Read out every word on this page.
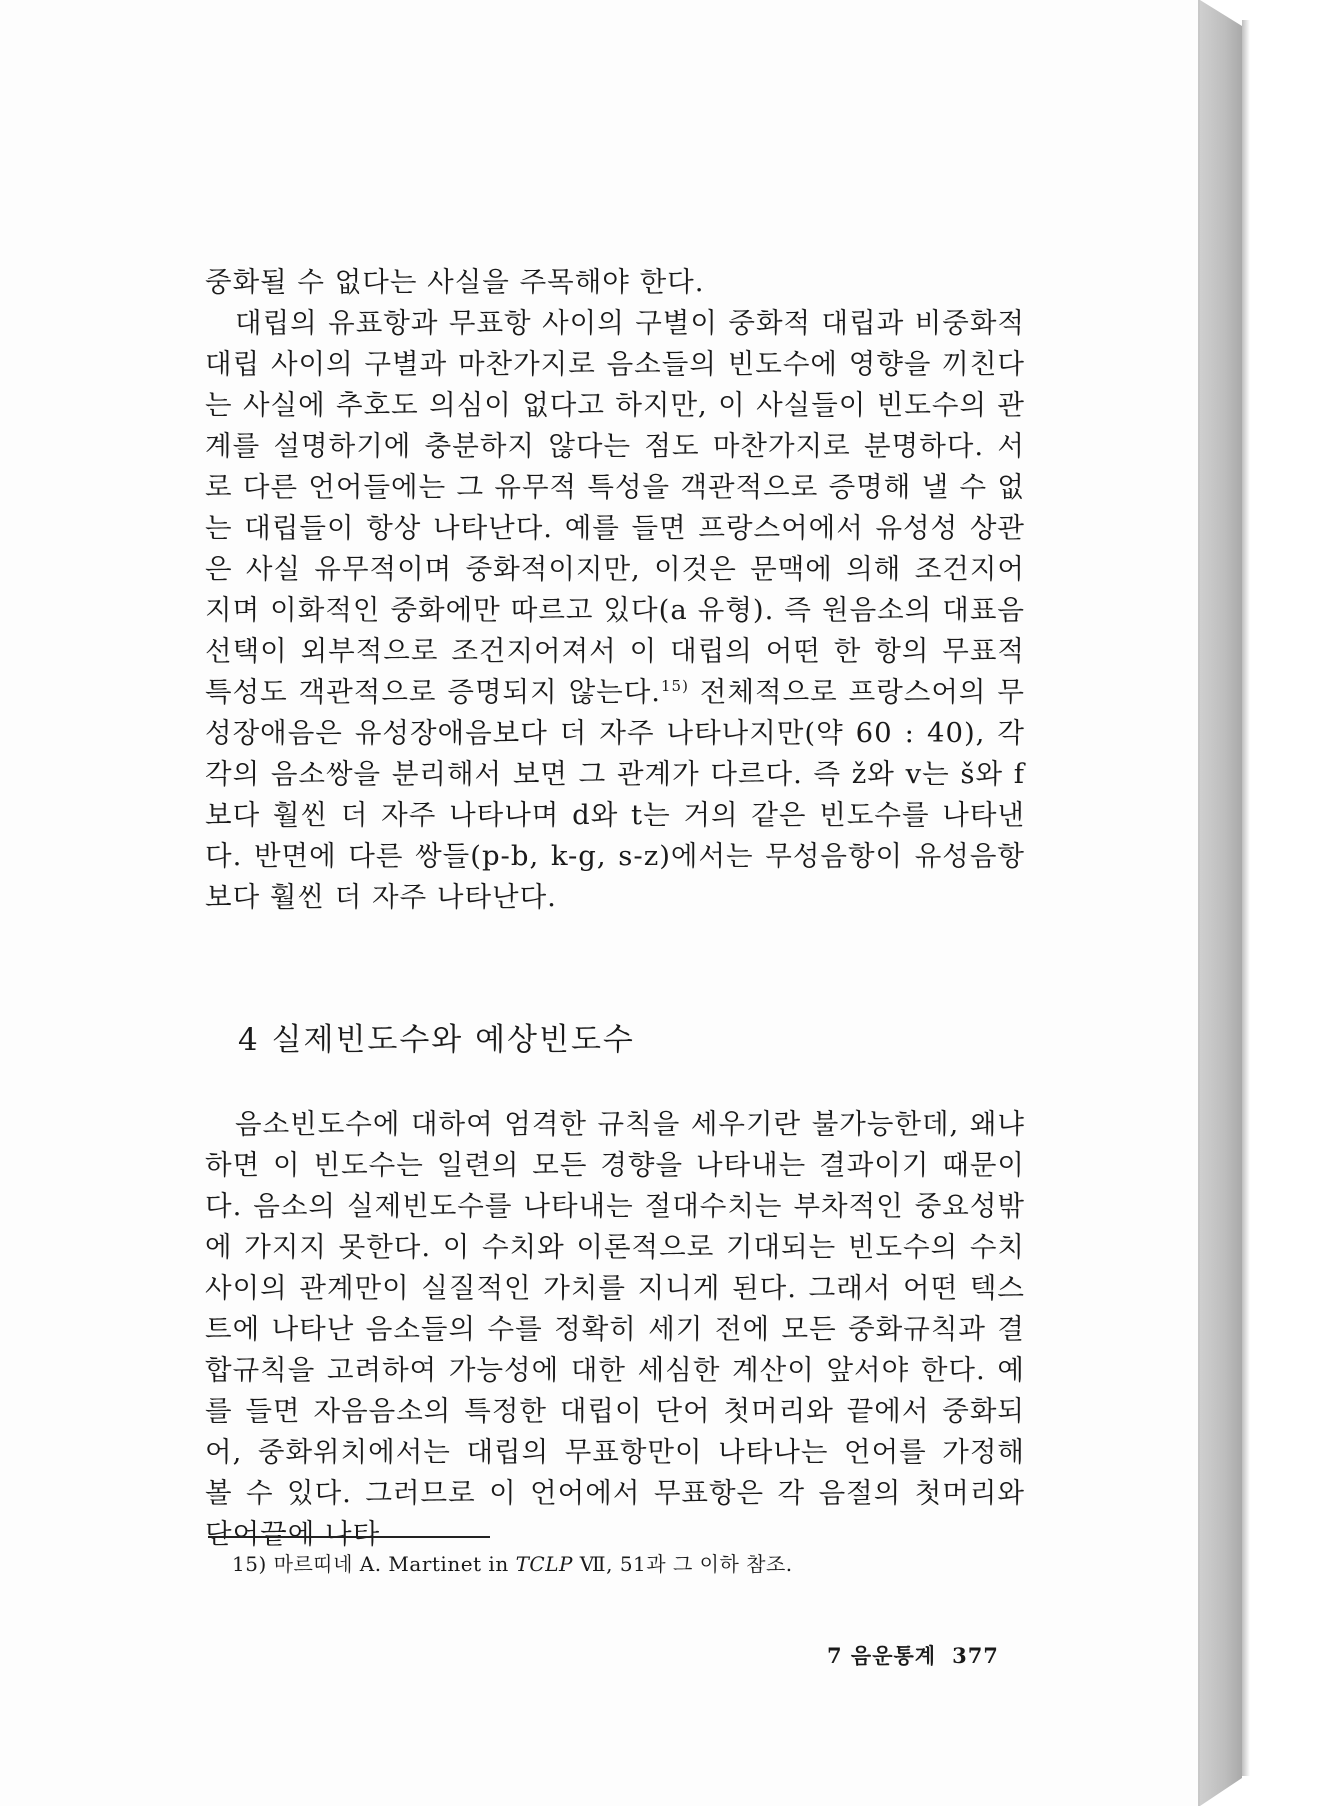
중화될 수 없다는 사실을 주목해야 한다.

대립의 유표항과 무표항 사이의 구별이 중화적 대립과 비중화적 대립 사이의 구별과 마찬가지로 음소들의 빈도수에 영향을 끼친다는 사실에 추호도 의심이 없다고 하지만, 이 사실들이 빈도수의 관계를 설명하기에 충분하지 않다는 점도 마찬가지로 분명하다. 서로 다른 언어들에는 그 유무적 특성을 객관적으로 증명해 낼 수 없는 대립들이 항상 나타난다. 예를 들면 프랑스어에서 유성성 상관은 사실 유무적이며 중화적이지만, 이것은 문맥에 의해 조건지어지며 이화적인 중화에만 따르고 있다(a 유형). 즉 원음소의 대표음 선택이 외부적으로 조건지어져서 이 대립의 어떤 한 항의 무표적 특성도 객관적으로 증명되지 않는다.$^{15)}$ 전체적으로 프랑스어의 무성장애음은 유성장애음보다 더 자주 나타나지만(약 60 : 40), 각각의 음소쌍을 분리해서 보면 그 관계가 다르다. 즉 ž와 v는 š와 f보다 훨씬 더 자주 나타나며 d와 t는 거의 같은 빈도수를 나타낸다. 반면에 다른 쌍들(p-b, k-g, s-z)에서는 무성음항이 유성음항보다 훨씬 더 자주 나타난다.

4 실제빈도수와 예상빈도수

음소빈도수에 대하여 엄격한 규칙을 세우기란 불가능한데, 왜냐하면 이 빈도수는 일련의 모든 경향을 나타내는 결과이기 때문이다. 음소의 실제빈도수를 나타내는 절대수치는 부차적인 중요성밖에 가지지 못한다. 이 수치와 이론적으로 기대되는 빈도수의 수치 사이의 관계만이 실질적인 가치를 지니게 된다. 그래서 어떤 텍스트에 나타난 음소들의 수를 정확히 세기 전에 모든 중화규칙과 결합규칙을 고려하여 가능성에 대한 세심한 계산이 앞서야 한다. 예를 들면 자음음소의 특정한 대립이 단어 첫머리와 끝에서 중화되어, 중화위치에서는 대립의 무표항만이 나타나는 언어를 가정해 볼 수 있다. 그러므로 이 언어에서 무표항은 각 음절의 첫머리와 단어끝에 나타

15) 마르띠네 A. Martinet in TCLP Ⅶ, 51과 그 이하 참조.
7 음운통계 377
